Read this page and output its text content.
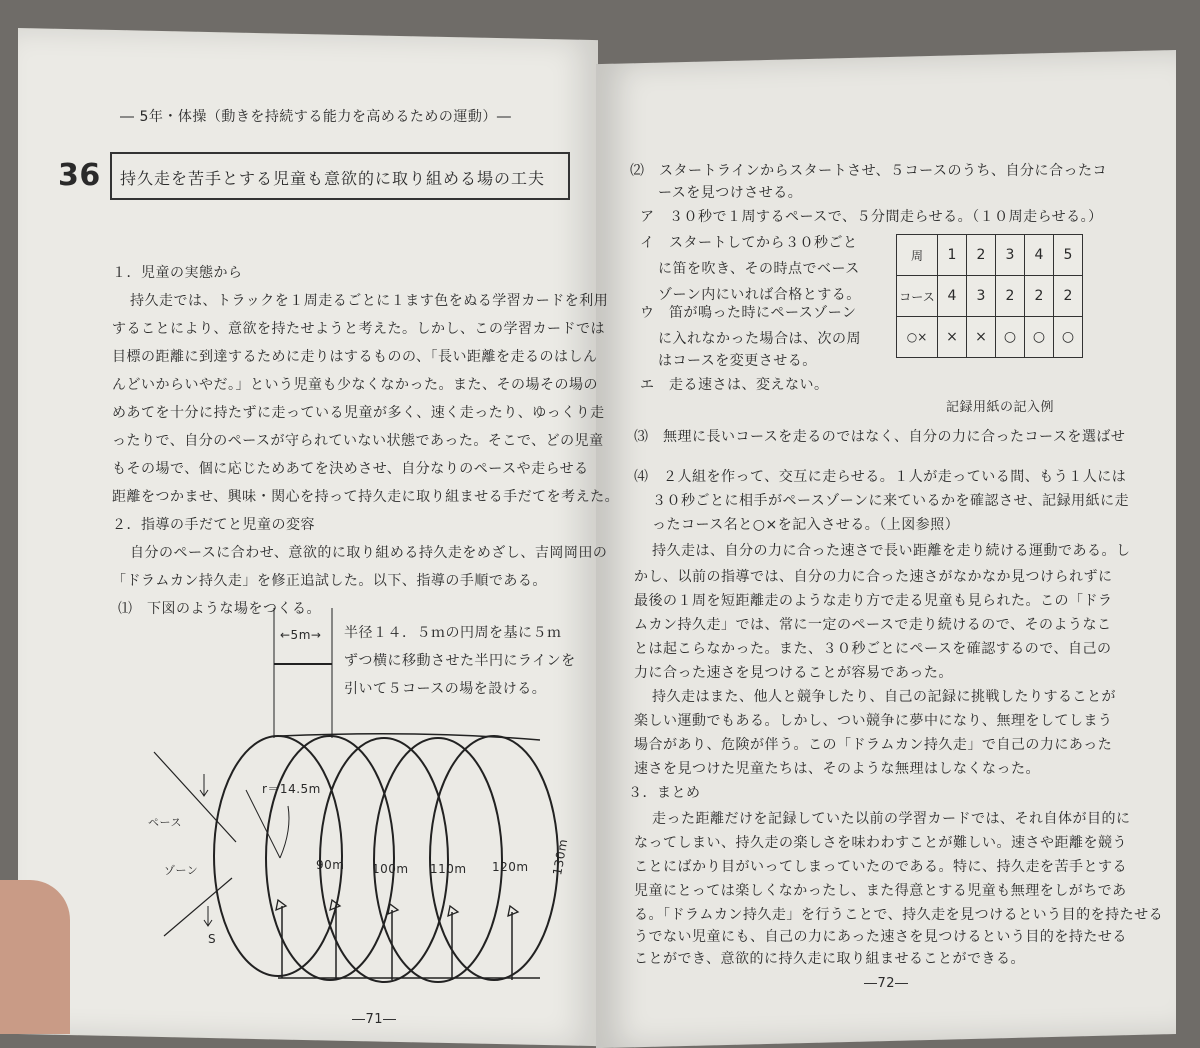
― 5年・体操（動きを持続する能力を高めるための運動）―
36 持久走を苦手とする児童も意欲的に取り組める場の工夫
１．児童の実態から
持久走では、トラックを１周走るごとに１ます色をぬる学習カードを利用
することにより、意欲を持たせようと考えた。しかし、この学習カードでは
目標の距離に到達するために走りはするものの、「長い距離を走るのはしん
んどいからいやだ。」という児童も少なくなかった。また、その場その場の
めあてを十分に持たずに走っている児童が多く、速く走ったり、ゆっくり走
ったりで、自分のペースが守られていない状態であった。そこで、どの児童
もその場で、個に応じためあてを決めさせ、自分なりのペースや走らせる
距離をつかませ、興味・関心を持って持久走に取り組ませる手だてを考えた。
２．指導の手だてと児童の変容
自分のペースに合わせ、意欲的に取り組める持久走をめざし、吉岡岡田の
「ドラムカン持久走」を修正追試した。以下、指導の手順である。
⑴　下図のような場をつくる。
半径１４．５ｍの円周を基に５ｍ
ずつ横に移動させた半円にラインを
引いて５コースの場を設ける。
←5m→
r＝14.5m
90m 100m 110m 120m 130m
ペース
ゾーン
S
―71―
⑵　スタートラインからスタートさせ、５コースのうち、自分に合ったコ
ースを見つけさせる。
ア　３０秒で１周するペースで、５分間走らせる。（１０周走らせる。）
イ　スタートしてから３０秒ごと
に笛を吹き、その時点でベース
ゾーン内にいれば合格とする。
ウ　笛が鳴った時にペースゾーン
に入れなかった場合は、次の周
はコースを変更させる。
エ　走る速さは、変えない。
周	1	2	3	4	5
コース	4	3	2	2	2
○×	×	×	○	○	○
記録用紙の記入例
⑶　無理に長いコースを走るのではなく、自分の力に合ったコースを選ばせ
⑷　２人組を作って、交互に走らせる。１人が走っている間、もう１人には
３０秒ごとに相手がペースゾーンに来ているかを確認させ、記録用紙に走
ったコース名と○×を記入させる。（上図参照）
持久走は、自分の力に合った速さで長い距離を走り続ける運動である。し
かし、以前の指導では、自分の力に合った速さがなかなか見つけられずに
最後の１周を短距離走のような走り方で走る児童も見られた。この「ドラ
ムカン持久走」では、常に一定のペースで走り続けるので、そのようなこ
とは起こらなかった。また、３０秒ごとにペースを確認するので、自己の
力に合った速さを見つけることが容易であった。
持久走はまた、他人と競争したり、自己の記録に挑戦したりすることが
楽しい運動でもある。しかし、つい競争に夢中になり、無理をしてしまう
場合があり、危険が伴う。この「ドラムカン持久走」で自己の力にあった
速さを見つけた児童たちは、そのような無理はしなくなった。
３．まとめ
走った距離だけを記録していた以前の学習カードでは、それ自体が目的に
なってしまい、持久走の楽しさを味わわすことが難しい。速さや距離を競う
ことにばかり目がいってしまっていたのである。特に、持久走を苦手とする
児童にとっては楽しくなかったし、また得意とする児童も無理をしがちであ
る。「ドラムカン持久走」を行うことで、持久走を見つけるという目的を持たせる
うでない児童にも、自己の力にあった速さを見つけるという目的を持たせる
ことができ、意欲的に持久走に取り組ませることができる。
―72―
